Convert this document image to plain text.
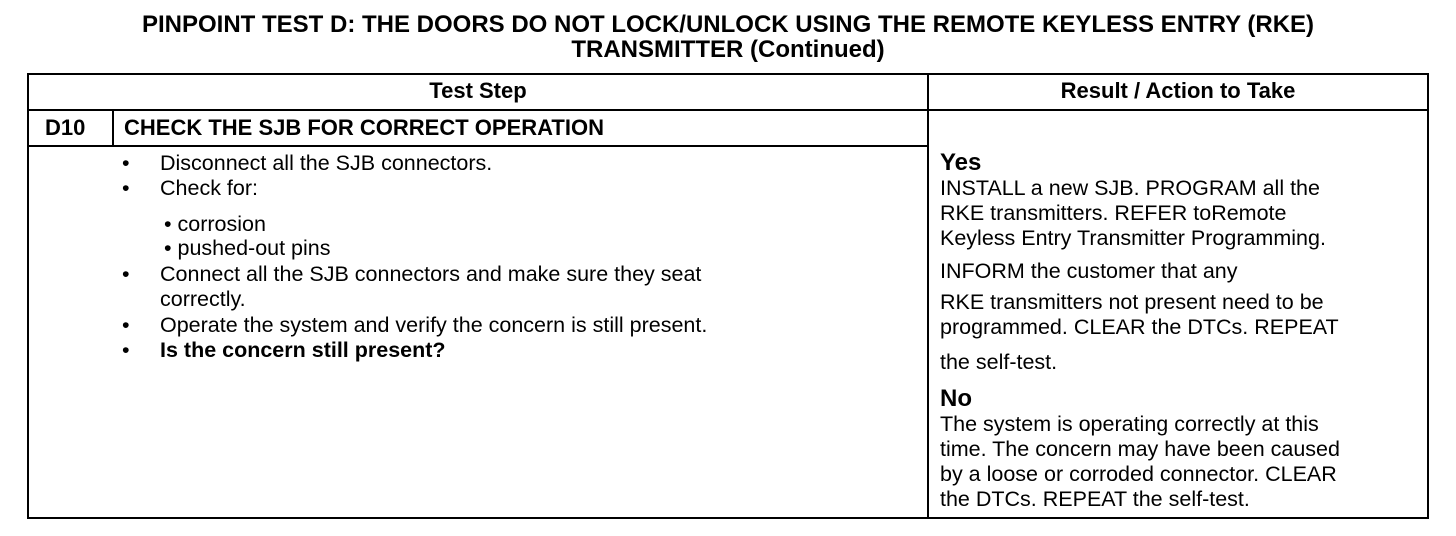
PINPOINT TEST D: THE DOORS DO NOT LOCK/UNLOCK USING THE REMOTE KEYLESS ENTRY (RKE)
TRANSMITTER (Continued)
Test Step	Result / Action to Take
D10 CHECK THE SJB FOR CORRECT OPERATION
• Disconnect all the SJB connectors.
• Check for:
• corrosion
• pushed-out pins
• Connect all the SJB connectors and make sure they seat
correctly.
• Operate the system and verify the concern is still present.
• Is the concern still present?
Yes
INSTALL a new SJB. PROGRAM all the
RKE transmitters. REFER toRemote
Keyless Entry Transmitter Programming.
INFORM the customer that any
RKE transmitters not present need to be
programmed. CLEAR the DTCs. REPEAT
the self-test.
No
The system is operating correctly at this
time. The concern may have been caused
by a loose or corroded connector. CLEAR
the DTCs. REPEAT the self-test.
